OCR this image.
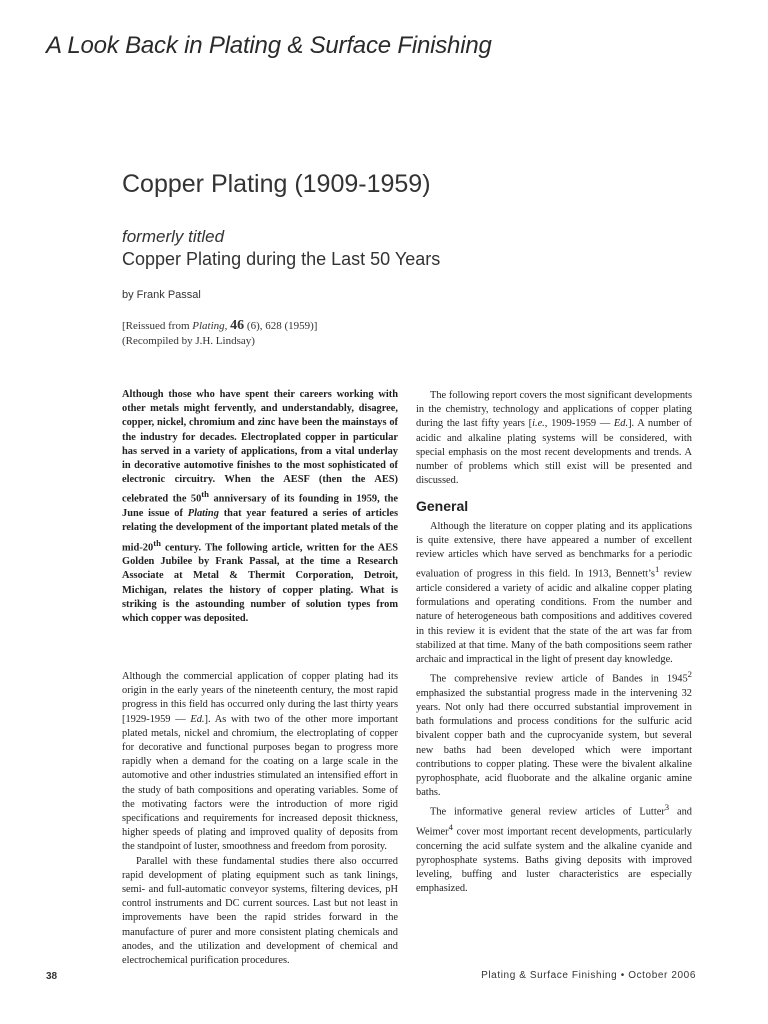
A Look Back in Plating & Surface Finishing
Copper Plating (1909-1959)
formerly titled
Copper Plating during the Last 50 Years
by Frank Passal
[Reissued from Plating, 46 (6), 628 (1959)]
(Recompiled by J.H. Lindsay)

Although those who have spent their careers working with other metals might fervently, and understandably, disagree, copper, nickel, chromium and zinc have been the mainstays of the industry for decades. Electroplated copper in particular has served in a variety of applications, from a vital underlay in decorative automotive finishes to the most sophisticated of electronic circuitry. When the AESF (then the AES) celebrated the 50th anniversary of its founding in 1959, the June issue of Plating that year featured a series of articles relating the development of the important plated metals of the mid-20th century. The following article, written for the AES Golden Jubilee by Frank Passal, at the time a Research Associate at Metal & Thermit Corporation, Detroit, Michigan, relates the history of copper plating. What is striking is the astounding number of solution types from which copper was deposited.

Although the commercial application of copper plating had its origin in the early years of the nineteenth century, the most rapid progress in this field has occurred only during the last thirty years [1929-1959 — Ed.]. As with two of the other more important plated metals, nickel and chromium, the electroplating of copper for decorative and functional purposes began to progress more rapidly when a demand for the coating on a large scale in the automotive and other industries stimulated an intensified effort in the study of bath compositions and operating variables. Some of the motivating factors were the introduction of more rigid specifications and requirements for increased deposit thickness, higher speeds of plating and improved quality of deposits from the standpoint of luster, smoothness and freedom from porosity.

Parallel with these fundamental studies there also occurred rapid development of plating equipment such as tank linings, semi- and full-automatic conveyor systems, filtering devices, pH control instruments and DC current sources. Last but not least in improvements have been the rapid strides forward in the manufacture of purer and more consistent plating chemicals and anodes, and the utilization and development of chemical and electrochemical purification procedures.

The following report covers the most significant developments in the chemistry, technology and applications of copper plating during the last fifty years [i.e., 1909-1959 — Ed.]. A number of acidic and alkaline plating systems will be considered, with special emphasis on the most recent developments and trends. A number of problems which still exist will be presented and discussed.

General

Although the literature on copper plating and its applications is quite extensive, there have appeared a number of excellent review articles which have served as benchmarks for a periodic evaluation of progress in this field. In 1913, $Bennett’s^1$ review article considered a variety of acidic and alkaline copper plating formulations and operating conditions. From the number and nature of heterogeneous bath compositions and additives covered in this review it is evident that the state of the art was far from stabilized at that time. Many of the bath compositions seem rather archaic and impractical in the light of present day knowledge.

The comprehensive review article of Bandes in 1945$^2$ emphasized the substantial progress made in the intervening 32 years. Not only had there occurred substantial improvement in bath formulations and process conditions for the sulfuric acid bivalent copper bath and the cuprocyanide system, but several new baths had been developed which were important contributions to copper plating. These were the bivalent alkaline pyrophosphate, acid fluoborate and the alkaline organic amine baths.

The informative general review articles of Lutter$^3$ and Weimer$^4$ cover most important recent developments, particularly concerning the acid sulfate system and the alkaline cyanide and pyrophosphate systems. Baths giving deposits with improved leveling, buffing and luster characteristics are especially emphasized.

38	Plating & Surface Finishing • October 2006
